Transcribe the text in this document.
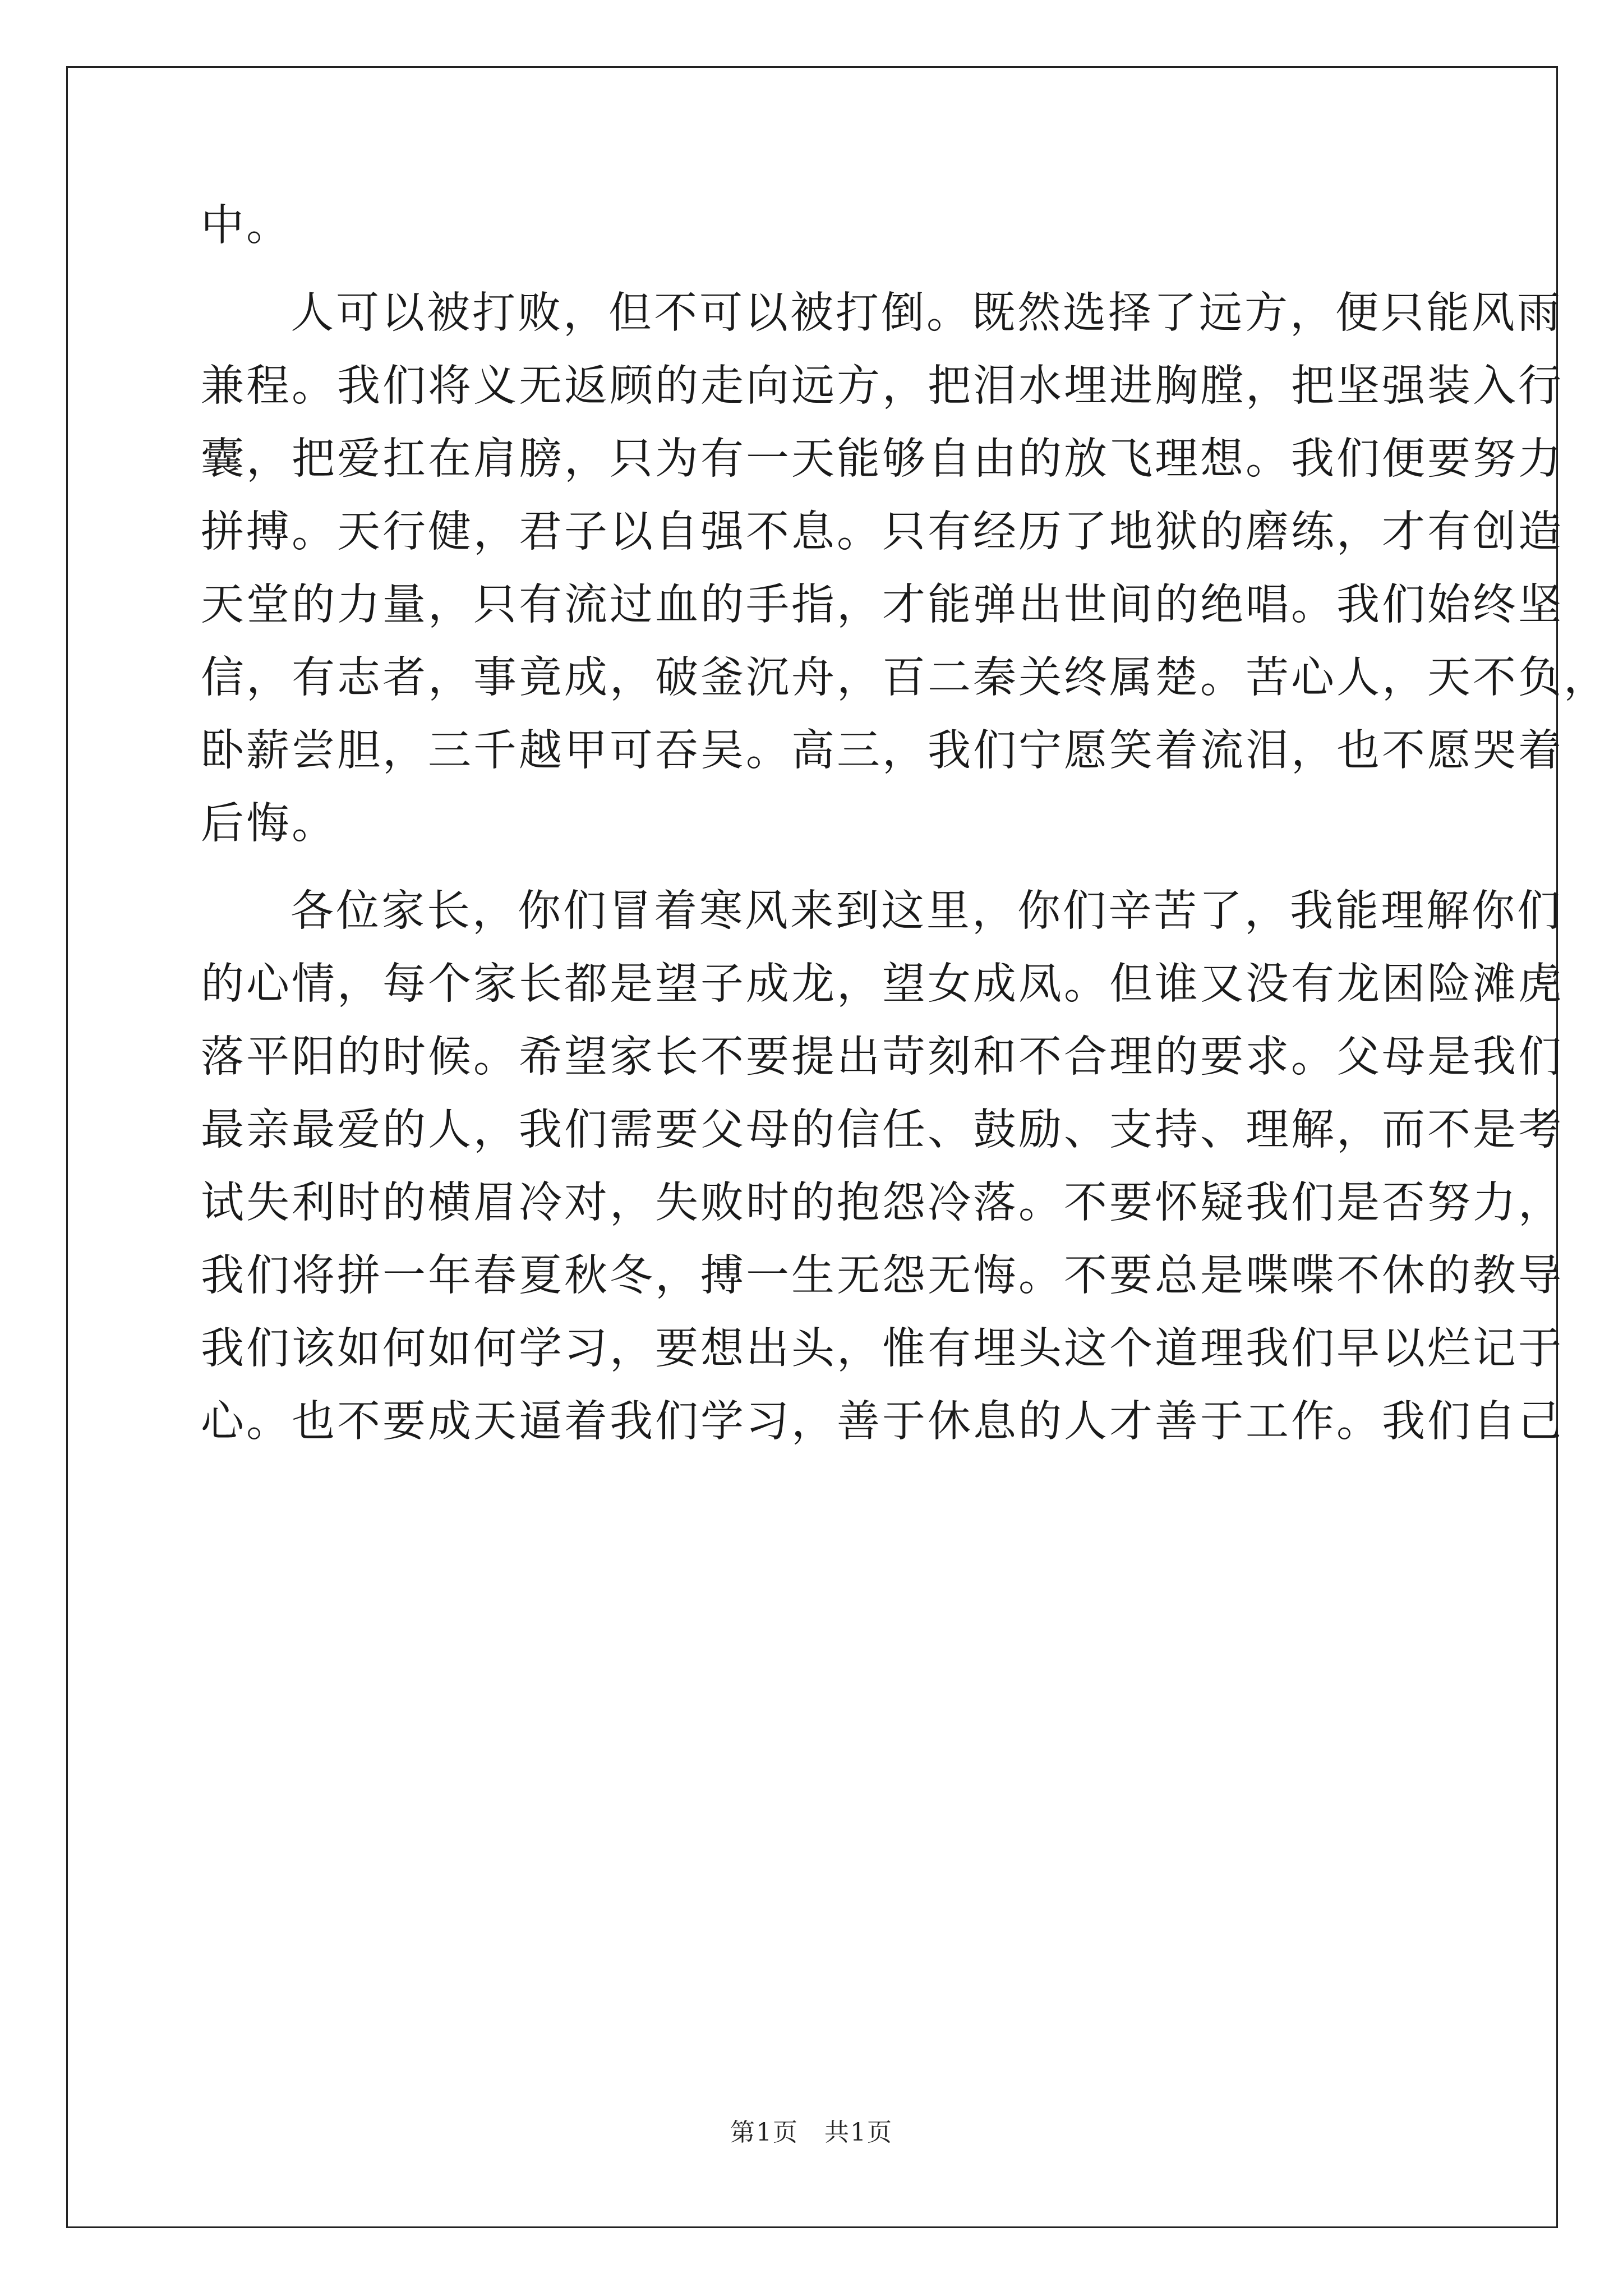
中。

人可以被打败，但不可以被打倒。既然选择了远方，便只能风雨
兼程。我们将义无返顾的走向远方，把泪水埋进胸膛，把坚强装入行
囊，把爱扛在肩膀，只为有一天能够自由的放飞理想。我们便要努力
拼搏。天行健，君子以自强不息。只有经历了地狱的磨练，才有创造
天堂的力量，只有流过血的手指，才能弹出世间的绝唱。我们始终坚
信，有志者，事竟成，破釜沉舟，百二秦关终属楚。苦心人，天不负，
卧薪尝胆，三千越甲可吞吴。高三，我们宁愿笑着流泪，也不愿哭着
后悔。

各位家长，你们冒着寒风来到这里，你们辛苦了，我能理解你们
的心情，每个家长都是望子成龙，望女成凤。但谁又没有龙困险滩虎
落平阳的时候。希望家长不要提出苛刻和不合理的要求。父母是我们
最亲最爱的人，我们需要父母的信任、鼓励、支持、理解，而不是考
试失利时的横眉冷对，失败时的抱怨冷落。不要怀疑我们是否努力，
我们将拼一年春夏秋冬，搏一生无怨无悔。不要总是喋喋不休的教导
我们该如何如何学习，要想出头，惟有埋头这个道理我们早以烂记于
心。也不要成天逼着我们学习，善于休息的人才善于工作。我们自己

第1页 共1页
